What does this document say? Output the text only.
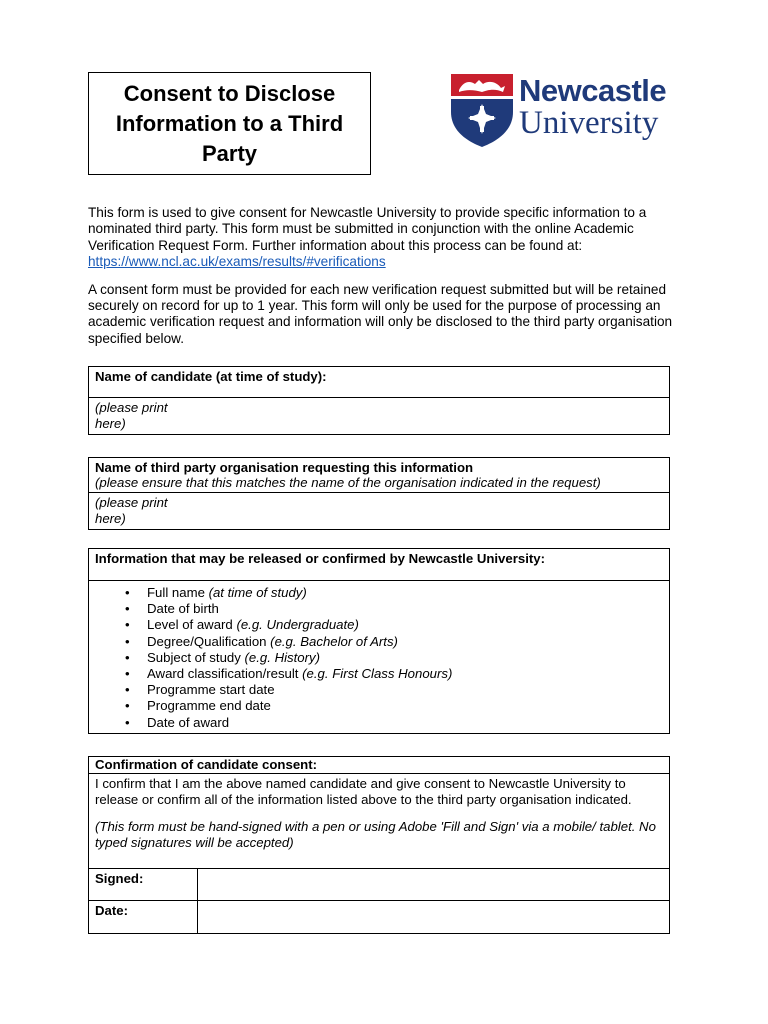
Consent to Disclose Information to a Third Party
Newcastle
University

This form is used to give consent for Newcastle University to provide specific information to a nominated third party. This form must be submitted in conjunction with the online Academic Verification Request Form. Further information about this process can be found at:
https://www.ncl.ac.uk/exams/results/#verifications

A consent form must be provided for each new verification request submitted but will be retained securely on record for up to 1 year. This form will only be used for the purpose of processing an academic verification request and information will only be disclosed to the third party organisation specified below.

Name of candidate (at time of study):

(please print here)
Name of third party organisation requesting this information
(please ensure that this matches the name of the organisation indicated in the request)

(please print here)
Information that may be released or confirmed by Newcastle University:

• Full name (at time of study)
• Date of birth
• Level of award (e.g. Undergraduate)
• Degree/Qualification (e.g. Bachelor of Arts)
• Subject of study (e.g. History)
• Award classification/result (e.g. First Class Honours)
• Programme start date
• Programme end date
• Date of award
Confirmation of candidate consent:	

I confirm that I am the above named candidate and give consent to Newcastle University to release or confirm all of the information listed above to the third party organisation indicated.

(This form must be hand-signed with a pen or using Adobe 'Fill and Sign' via a mobile/ tablet. No typed signatures will be accepted)	

Signed:	
Date:	
